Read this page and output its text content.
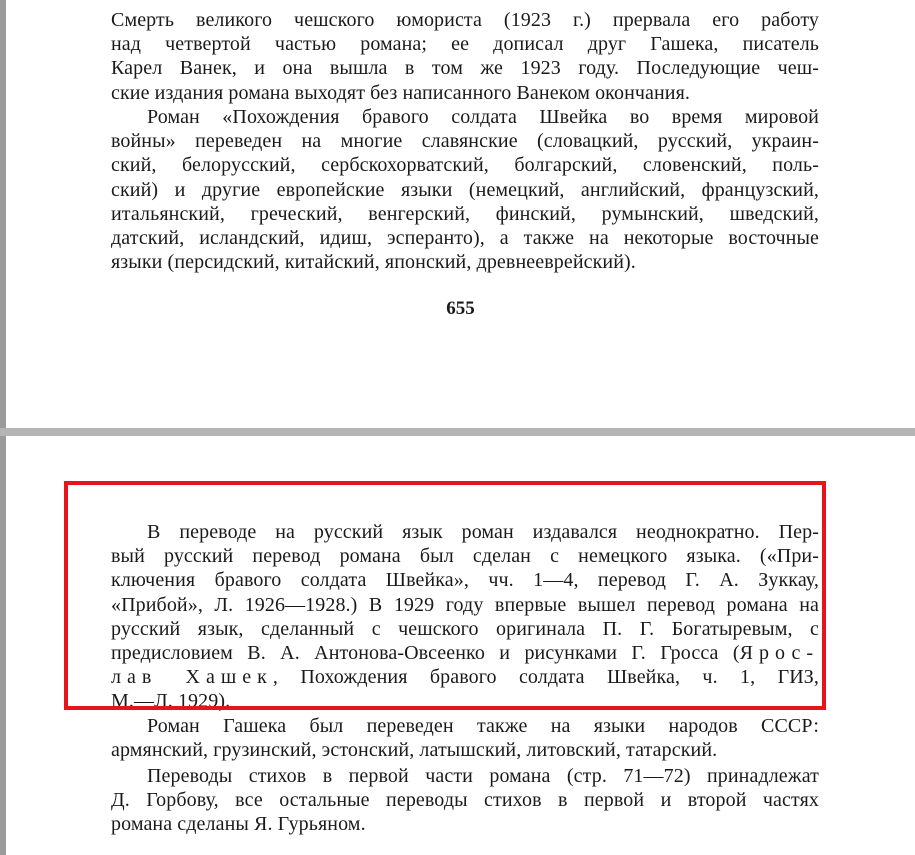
Смерть великого чешского юмориста (1923 г.) прервала его работу
над четвертой частью романа; ее дописал друг Гашека, писатель
Карел Ванек, и она вышла в том же 1923 году. Последующие чеш-
ские издания романа выходят без написанного Ванеком окончания.
Роман «Похождения бравого солдата Швейка во время мировой
войны» переведен на многие славянские (словацкий, русский, украин-
ский, белорусский, сербскохорватский, болгарский, словенский, поль-
ский) и другие европейские языки (немецкий, английский, французский,
итальянский, греческий, венгерский, финский, румынский, шведский,
датский, исландский, идиш, эсперанто), а также на некоторые восточные
языки (персидский, китайский, японский, древнееврейский).
655
В переводе на русский язык роман издавался неоднократно. Пер-
вый русский перевод романа был сделан с немецкого языка. («При-
ключения бравого солдата Швейка», чч. 1—4, перевод Г. А. Зуккау,
«Прибой», Л. 1926—1928.) В 1929 году впервые вышел перевод романа на
русский язык, сделанный с чешского оригинала П. Г. Богатыревым, с
предисловием В. А. Антонова-Овсеенко и рисунками Г. Гросса (Ярос-
лав Хашек, Похождения бравого солдата Швейка, ч. 1, ГИЗ,
М.—Л. 1929).
Роман Гашека был переведен также на языки народов СССР:
армянский, грузинский, эстонский, латышский, литовский, татарский.
Переводы стихов в первой части романа (стр. 71—72) принадлежат
Д. Горбову, все остальные переводы стихов в первой и второй частях
романа сделаны Я. Гурьяном.
